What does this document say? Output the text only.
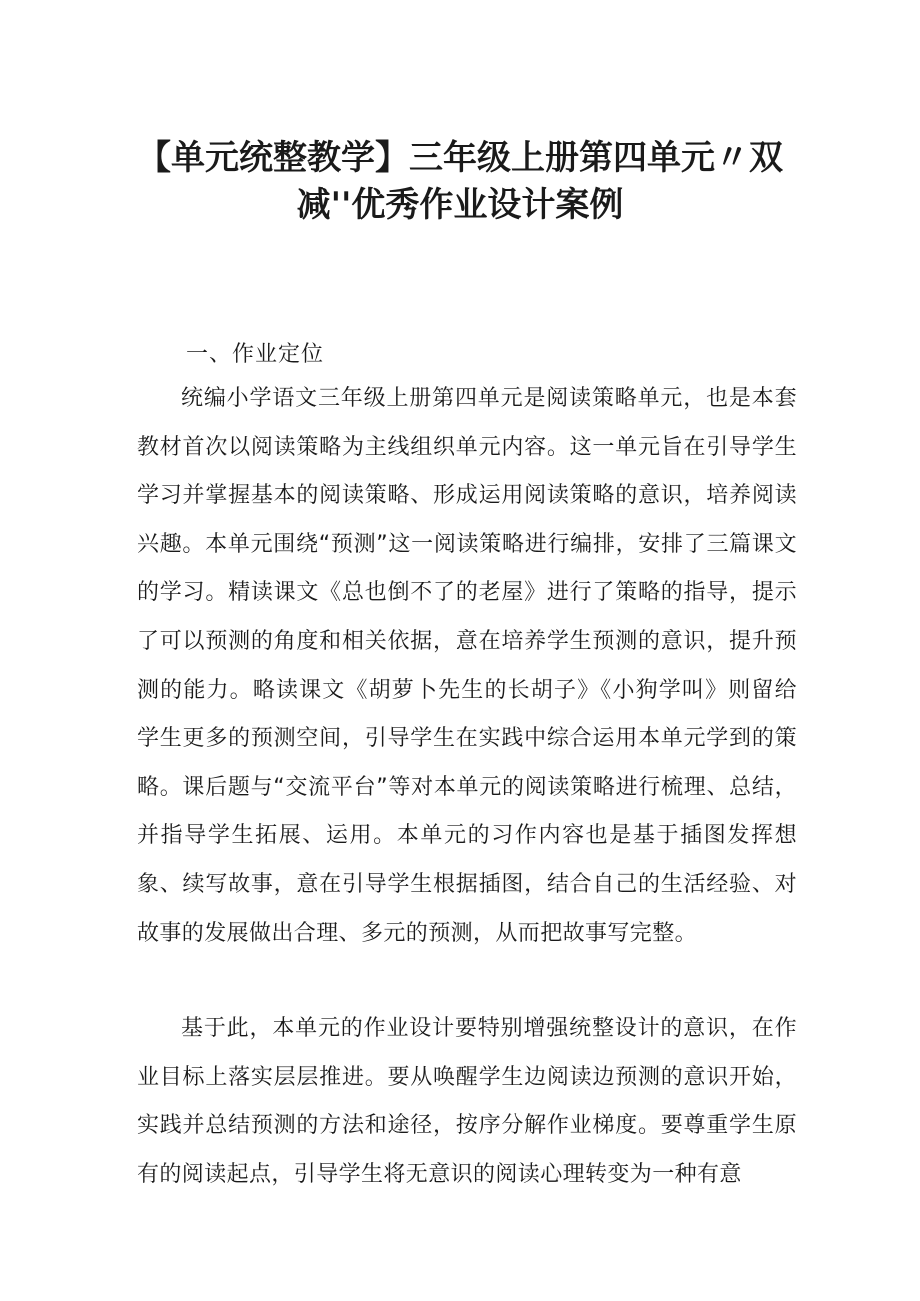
【单元统整教学】三年级上册第四单元〃双
减''优秀作业设计案例
一、作业定位

统编小学语文三年级上册第四单元是阅读策略单元，也是本套教材首次以阅读策略为主线组织单元内容。这一单元旨在引导学生学习并掌握基本的阅读策略、形成运用阅读策略的意识，培养阅读兴趣。本单元围绕“预测”这一阅读策略进行编排，安排了三篇课文的学习。精读课文《总也倒不了的老屋》进行了策略的指导，提示了可以预测的角度和相关依据，意在培养学生预测的意识，提升预测的能力。略读课文《胡萝卜先生的长胡子》《小狗学叫》则留给学生更多的预测空间，引导学生在实践中综合运用本单元学到的策略。课后题与“交流平台”等对本单元的阅读策略进行梳理、总结，并指导学生拓展、运用。本单元的习作内容也是基于插图发挥想象、续写故事，意在引导学生根据插图，结合自己的生活经验、对故事的发展做出合理、多元的预测，从而把故事写完整。

基于此，本单元的作业设计要特别增强统整设计的意识，在作业目标上落实层层推进。要从唤醒学生边阅读边预测的意识开始，实践并总结预测的方法和途径，按序分解作业梯度。要尊重学生原有的阅读起点，引导学生将无意识的阅读心理转变为一种有意
